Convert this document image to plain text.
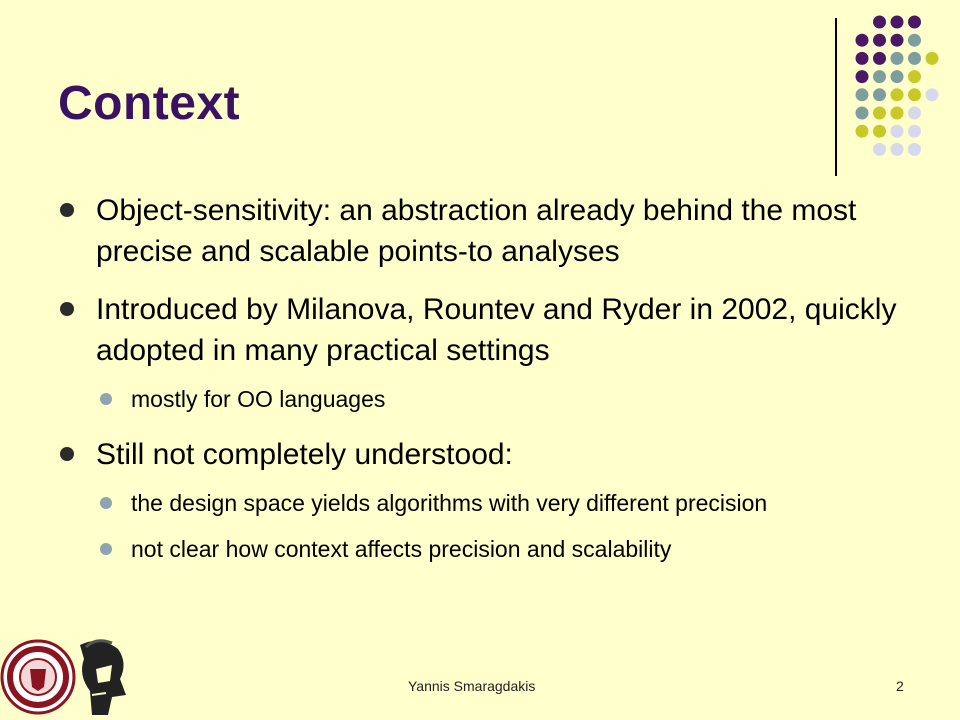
Context
Object-sensitivity: an abstraction already behind the most precise and scalable points-to analyses
Introduced by Milanova, Rountev and Ryder in 2002, quickly adopted in many practical settings
mostly for OO languages
Still not completely understood:
the design space yields algorithms with very different precision
not clear how context affects precision and scalability
Yannis Smaragdakis	2
